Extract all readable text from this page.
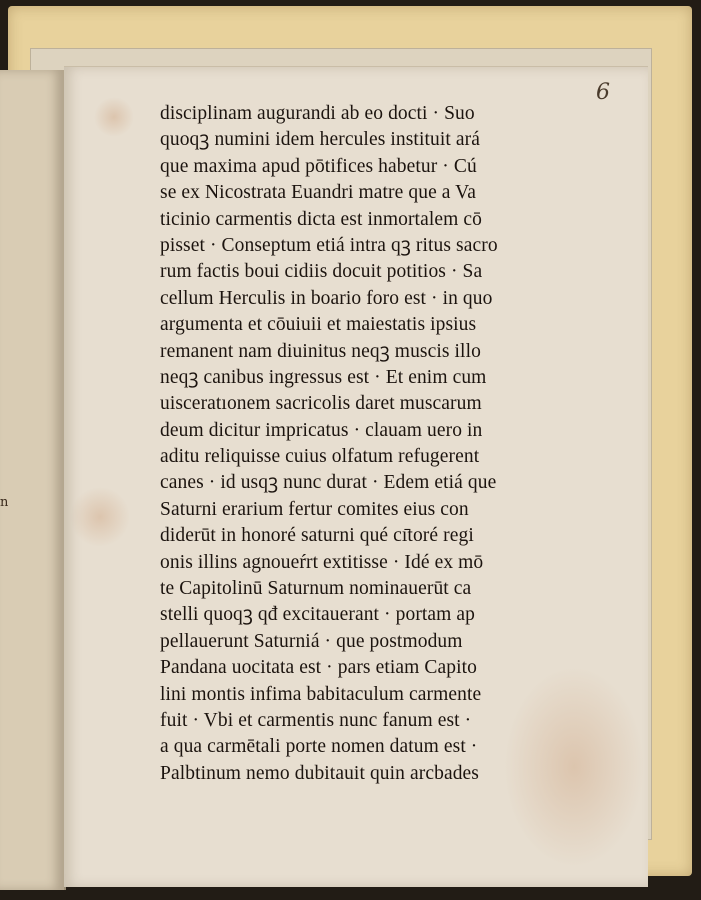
n
6
disciplinam augurandi ab eo docti · Suo
quoqꝫ numini idem hercules instituit ará
que maxima apud pōtifices habetur · Cú
se ex Nicostrata Euandri matre que a Va
ticinio carmentis dicta est inmortalem cō
pisset · Conseptum etiá intra qꝫ ritus sacro
rum factis boui cidiis docuit potitios · Sa
cellum Herculis in boario foro est · in quo
argumenta et cōuiuii et maiestatis ipsius
remanent nam diuinitus neqꝫ muscis illo
neqꝫ canibus ingressus est · Et enim cum
uisceratıonem sacricolis daret muscarum
deum dicitur impricatus · clauam uero in
aditu reliquisse cuius olfatum refugerent
canes · id usqꝫ nunc durat · Edem etiá que
Saturni erarium fertur comites eius con
diderūt in honoré saturni qué cı̄toré regi
onis illins agnoueŕrt extitisse · Idé ex mō
te Capitolinū Saturnum nominauerūt ca
stelli quoqꝫ qđ excitauerant · portam ap
pellauerunt Saturniá · que postmodum
Pandana uocitata est · pars etiam Capito
lini montis infima babitaculum carmente
fuit · Vbi et carmentis nunc fanum est ·
a qua carmētali porte nomen datum est ·
Palbtinum nemo dubitauit quin arcbades
